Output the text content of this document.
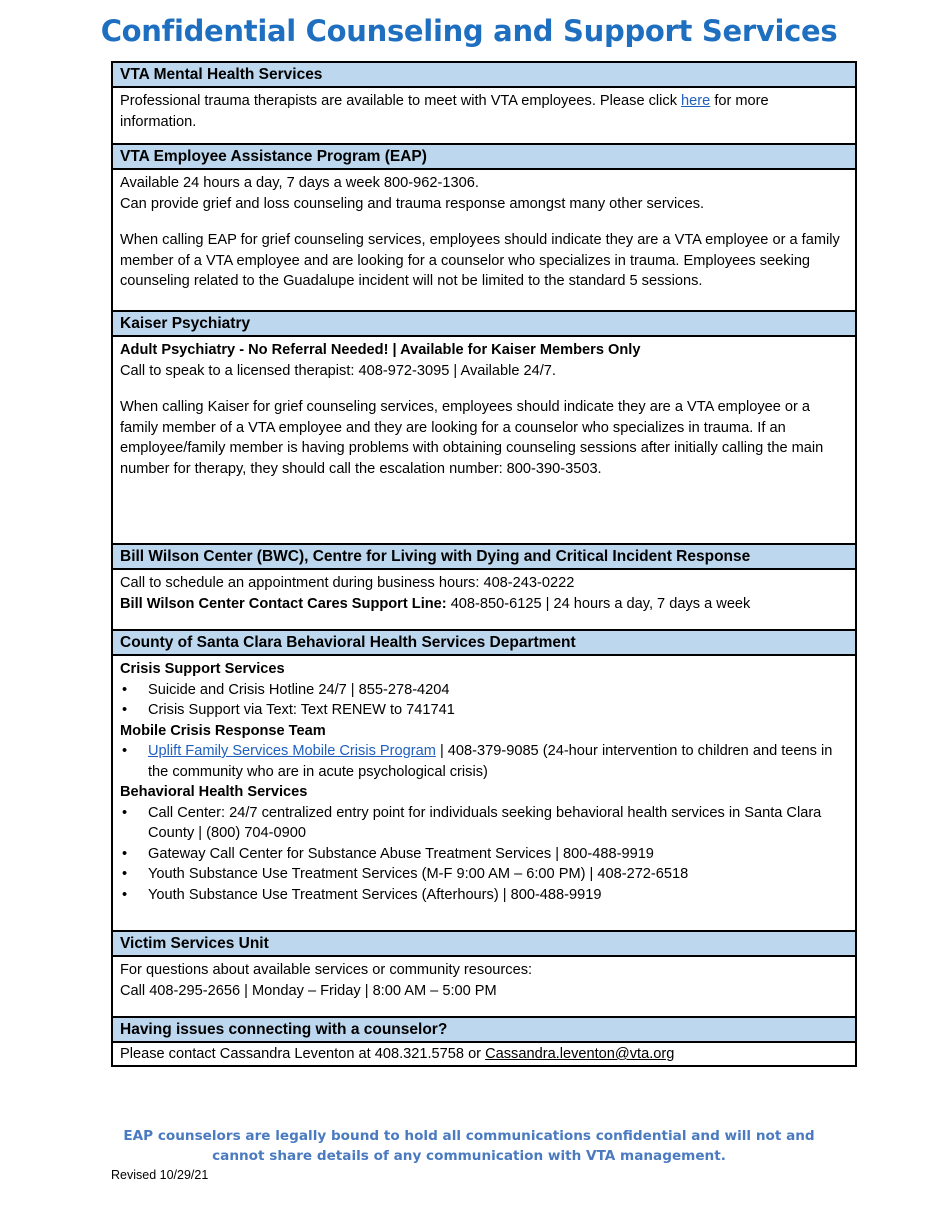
Confidential Counseling and Support Services
VTA Mental Health Services

Professional trauma therapists are available to meet with VTA employees. Please click here for more information.

VTA Employee Assistance Program (EAP)

Available 24 hours a day, 7 days a week 800-962-1306.

Can provide grief and loss counseling and trauma response amongst many other services.

When calling EAP for grief counseling services, employees should indicate they are a VTA employee or a family member of a VTA employee and are looking for a counselor who specializes in trauma. Employees seeking counseling related to the Guadalupe incident will not be limited to the standard 5 sessions.

Kaiser Psychiatry

Adult Psychiatry - No Referral Needed! | Available for Kaiser Members Only

Call to speak to a licensed therapist: 408-972-3095 | Available 24/7.

When calling Kaiser for grief counseling services, employees should indicate they are a VTA employee or a family member of a VTA employee and they are looking for a counselor who specializes in trauma. If an employee/family member is having problems with obtaining counseling sessions after initially calling the main number for therapy, they should call the escalation number: 800-390-3503.

Bill Wilson Center (BWC), Centre for Living with Dying and Critical Incident Response

Call to schedule an appointment during business hours: 408-243-0222

Bill Wilson Center Contact Cares Support Line: 408-850-6125 | 24 hours a day, 7 days a week

County of Santa Clara Behavioral Health Services Department

Crisis Support Services

• Suicide and Crisis Hotline 24/7 | 855-278-4204
• Crisis Support via Text: Text RENEW to 741741

Mobile Crisis Response Team

• Uplift Family Services Mobile Crisis Program | 408-379-9085 (24-hour intervention to children and teens in the community who are in acute psychological crisis)

Behavioral Health Services

• Call Center: 24/7 centralized entry point for individuals seeking behavioral health services in Santa Clara County | (800) 704-0900
• Gateway Call Center for Substance Abuse Treatment Services | 800-488-9919
• Youth Substance Use Treatment Services (M-F 9:00 AM – 6:00 PM) | 408-272-6518
• Youth Substance Use Treatment Services (Afterhours) | 800-488-9919
Victim Services Unit

For questions about available services or community resources:

Call 408-295-2656 | Monday – Friday | 8:00 AM – 5:00 PM

Having issues connecting with a counselor?

Please contact Cassandra Leventon at 408.321.5758 or Cassandra.leventon@vta.org

EAP counselors are legally bound to hold all communications confidential and will not and cannot share details of any communication with VTA management.
Revised 10/29/21
